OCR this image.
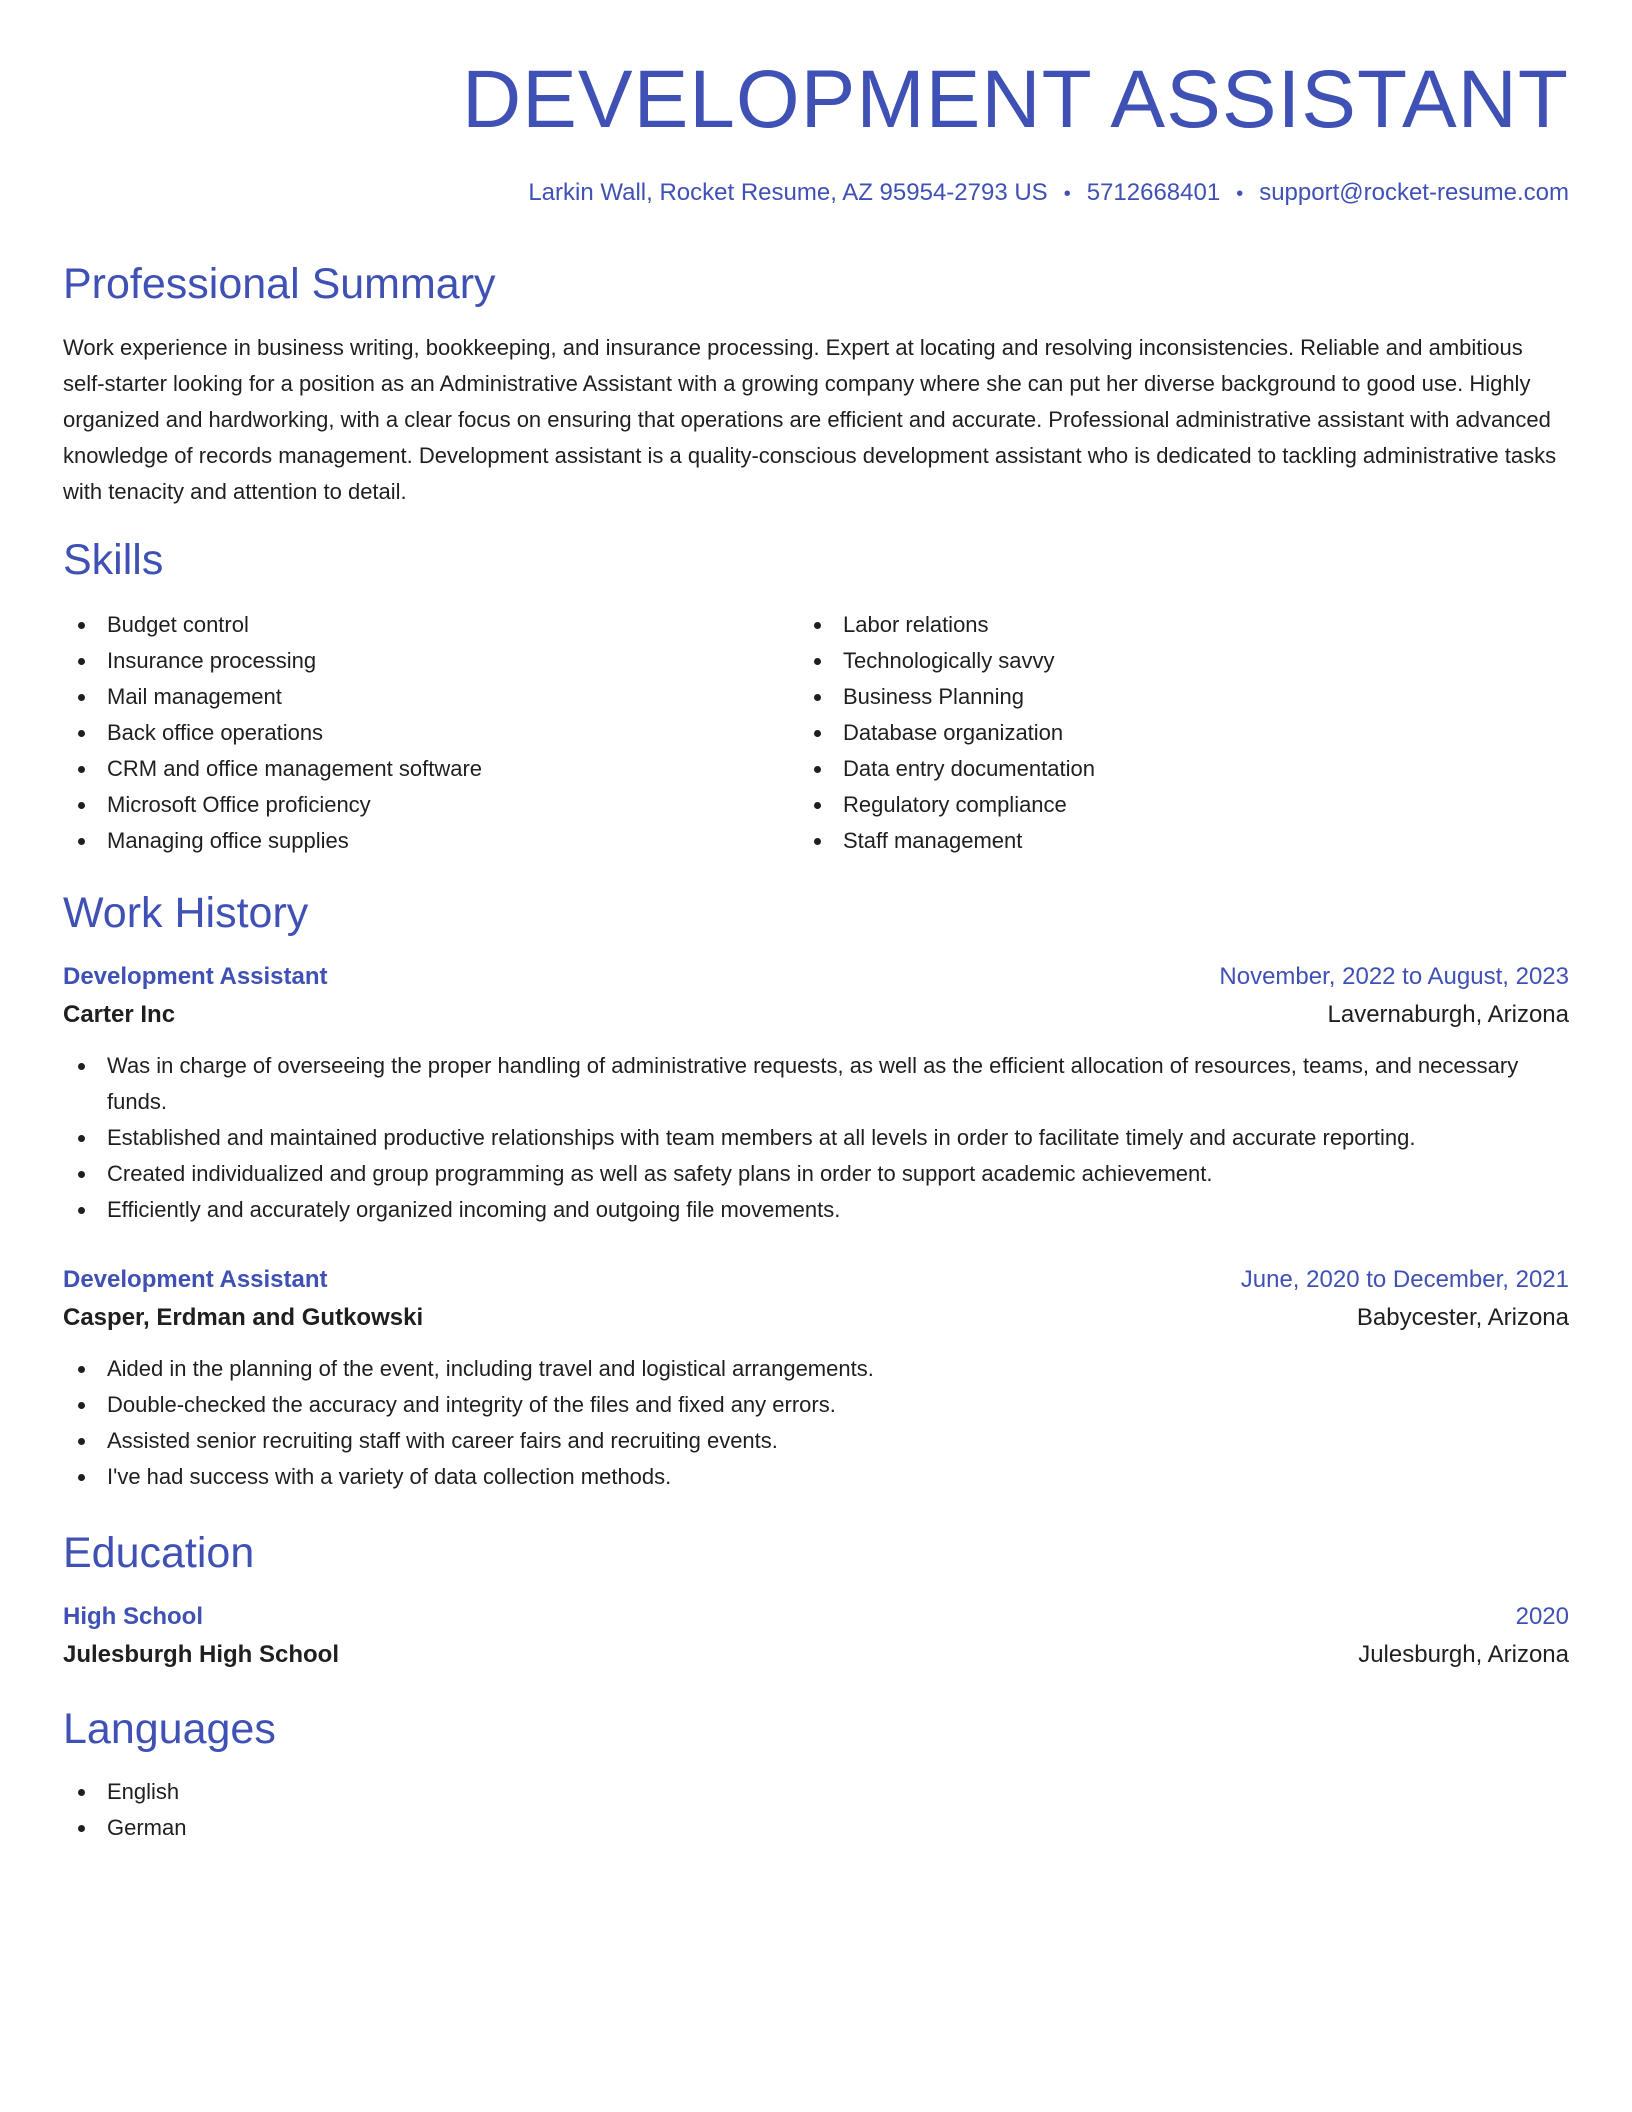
DEVELOPMENT ASSISTANT
Larkin Wall, Rocket Resume, AZ 95954-2793 US • 5712668401 • support@rocket-resume.com
Professional Summary

Work experience in business writing, bookkeeping, and insurance processing. Expert at locating and resolving inconsistencies. Reliable and ambitious self-starter looking for a position as an Administrative Assistant with a growing company where she can put her diverse background to good use. Highly organized and hardworking, with a clear focus on ensuring that operations are efficient and accurate. Professional administrative assistant with advanced knowledge of records management. Development assistant is a quality-conscious development assistant who is dedicated to tackling administrative tasks with tenacity and attention to detail.

Skills
Budget control
Insurance processing
Mail management
Back office operations
CRM and office management software
Microsoft Office proficiency
Managing office supplies
Labor relations
Technologically savvy
Business Planning
Database organization
Data entry documentation
Regulatory compliance
Staff management
Work History
Development Assistant	November, 2022 to August, 2023
Carter Inc	Lavernaburgh, Arizona
Was in charge of overseeing the proper handling of administrative requests, as well as the efficient allocation of resources, teams, and necessary funds.
Established and maintained productive relationships with team members at all levels in order to facilitate timely and accurate reporting.
Created individualized and group programming as well as safety plans in order to support academic achievement.
Efficiently and accurately organized incoming and outgoing file movements.
Development Assistant	June, 2020 to December, 2021
Casper, Erdman and Gutkowski	Babycester, Arizona
Aided in the planning of the event, including travel and logistical arrangements.
Double-checked the accuracy and integrity of the files and fixed any errors.
Assisted senior recruiting staff with career fairs and recruiting events.
I've had success with a variety of data collection methods.
Education
High School	2020
Julesburgh High School	Julesburgh, Arizona
Languages
English
German
